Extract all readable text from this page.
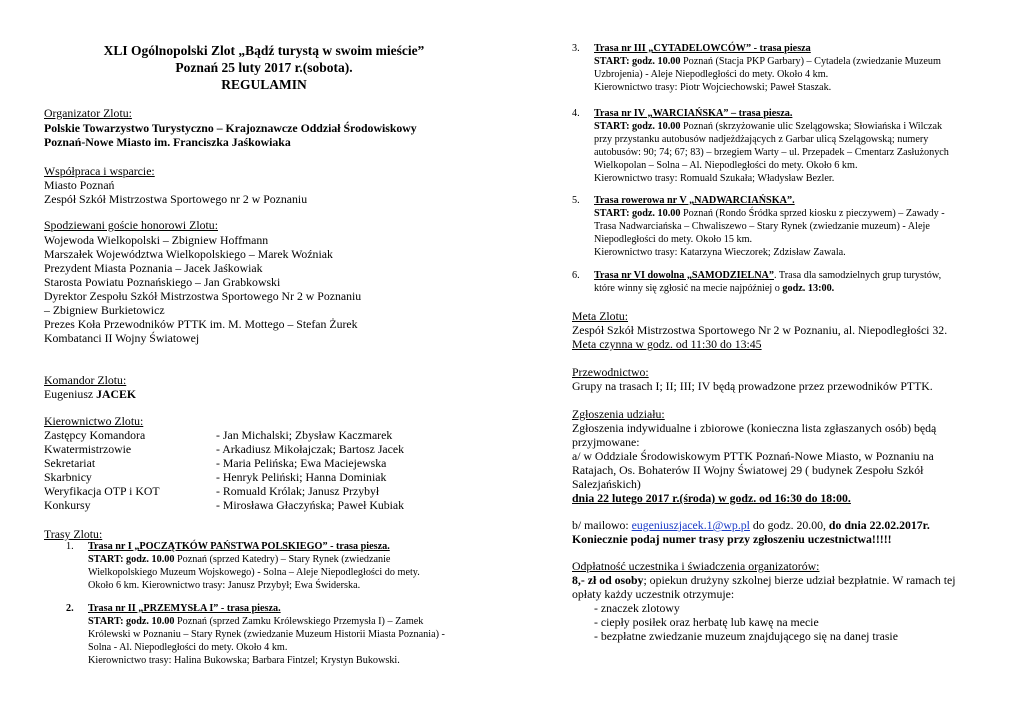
XLI Ogólnopolski Zlot „Bądź turystą w swoim mieście”
Poznań 25 luty 2017 r.(sobota).
REGULAMIN
Organizator Zlotu:
Polskie Towarzystwo Turystyczno – Krajoznawcze Oddział Środowiskowy
Poznań-Nowe Miasto im. Franciszka Jaśkowiaka
Współpraca i wsparcie:
Miasto Poznań
Zespół Szkół Mistrzostwa Sportowego nr 2 w Poznaniu
Spodziewani goście honorowi Zlotu:
Wojewoda Wielkopolski – Zbigniew Hoffmann
Marszałek Województwa Wielkopolskiego – Marek Woźniak
Prezydent Miasta Poznania – Jacek Jaśkowiak
Starosta Powiatu Poznańskiego – Jan Grabkowski
Dyrektor Zespołu Szkół Mistrzostwa Sportowego Nr 2 w Poznaniu
– Zbigniew Burkietowicz
Prezes Koła Przewodników PTTK im. M. Mottego – Stefan Żurek
Kombatanci II Wojny Światowej
Komandor Zlotu:
Eugeniusz JACEK
Kierownictwo Zlotu:
Zastępcy Komandora	- Jan Michalski; Zbysław Kaczmarek
Kwatermistrzowie	- Arkadiusz Mikołajczak; Bartosz Jacek
Sekretariat	- Maria Pelińska; Ewa Maciejewska
Skarbnicy	- Henryk Peliński; Hanna Dominiak
Weryfikacja OTP i KOT	- Romuald Królak; Janusz Przybył
Konkursy	- Mirosława Głaczyńska; Paweł Kubiak
Trasy Zlotu:
1. Trasa nr I „POCZĄTKÓW PAŃSTWA POLSKIEGO” - trasa piesza.
START: godz. 10.00 Poznań (sprzed Katedry) – Stary Rynek (zwiedzanie
Wielkopolskiego Muzeum Wojskowego) - Solna – Aleje Niepodległości do mety.
Około 6 km. Kierownictwo trasy: Janusz Przybył; Ewa Świderska.
2. Trasa nr II „PRZEMYSŁA I” - trasa piesza.
START: godz. 10.00 Poznań (sprzed Zamku Królewskiego Przemysła I) – Zamek
Królewski w Poznaniu – Stary Rynek (zwiedzanie Muzeum Historii Miasta Poznania) -
Solna - Al. Niepodległości do mety. Około 4 km.
Kierownictwo trasy: Halina Bukowska; Barbara Fintzel; Krystyn Bukowski.
3. Trasa nr III „CYTADELOWCÓW” - trasa piesza
START: godz. 10.00 Poznań (Stacja PKP Garbary) – Cytadela (zwiedzanie Muzeum
Uzbrojenia) - Aleje Niepodległości do mety. Około 4 km.
Kierownictwo trasy: Piotr Wojciechowski; Paweł Staszak.
4. Trasa nr IV „WARCIAŃSKA” – trasa piesza.
START: godz. 10.00 Poznań (skrzyżowanie ulic Szelągowska; Słowiańska i Wilczak
przy przystanku autobusów nadjeżdżających z Garbar ulicą Szelągowską; numery
autobusów: 90; 74; 67; 83) – brzegiem Warty – ul. Przepadek – Cmentarz Zasłużonych
Wielkopolan – Solna – Al. Niepodległości do mety. Około 6 km.
Kierownictwo trasy: Romuald Szukała; Władysław Bezler.
5. Trasa rowerowa nr V „NADWARCIAŃSKA”.
START: godz. 10.00 Poznań (Rondo Śródka sprzed kiosku z pieczywem) – Zawady -
Trasa Nadwarciańska – Chwaliszewo – Stary Rynek (zwiedzanie muzeum) - Aleje
Niepodległości do mety. Około 15 km.
Kierownictwo trasy: Katarzyna Wieczorek; Zdzisław Zawala.
6. Trasa nr VI dowolna „SAMODZIELNA”. Trasa dla samodzielnych grup turystów,
które winny się zgłosić na mecie najpóźniej o godz. 13:00.
Meta Zlotu:
Zespół Szkół Mistrzostwa Sportowego Nr 2 w Poznaniu, al. Niepodległości 32.
Meta czynna w godz. od 11:30 do 13:45
Przewodnictwo:
Grupy na trasach I; II; III; IV będą prowadzone przez przewodników PTTK.
Zgłoszenia udziału:
Zgłoszenia indywidualne i zbiorowe (konieczna lista zgłaszanych osób) będą
przyjmowane:
a/ w Oddziale Środowiskowym PTTK Poznań-Nowe Miasto, w Poznaniu na
Ratajach, Os. Bohaterów II Wojny Światowej 29 ( budynek Zespołu Szkół
Salezjańskich)
dnia 22 lutego 2017 r.(środa) w godz. od 16:30 do 18:00.
b/ mailowo: eugeniuszjacek.1@wp.pl do godz. 20.00, do dnia 22.02.2017r.
Koniecznie podaj numer trasy przy zgłoszeniu uczestnictwa!!!!!
Odpłatność uczestnika i świadczenia organizatorów:
8,- zł od osoby; opiekun drużyny szkolnej bierze udział bezpłatnie. W ramach tej
opłaty każdy uczestnik otrzymuje:
- znaczek zlotowy
- ciepły posiłek oraz herbatę lub kawę na mecie
- bezpłatne zwiedzanie muzeum znajdującego się na danej trasie
